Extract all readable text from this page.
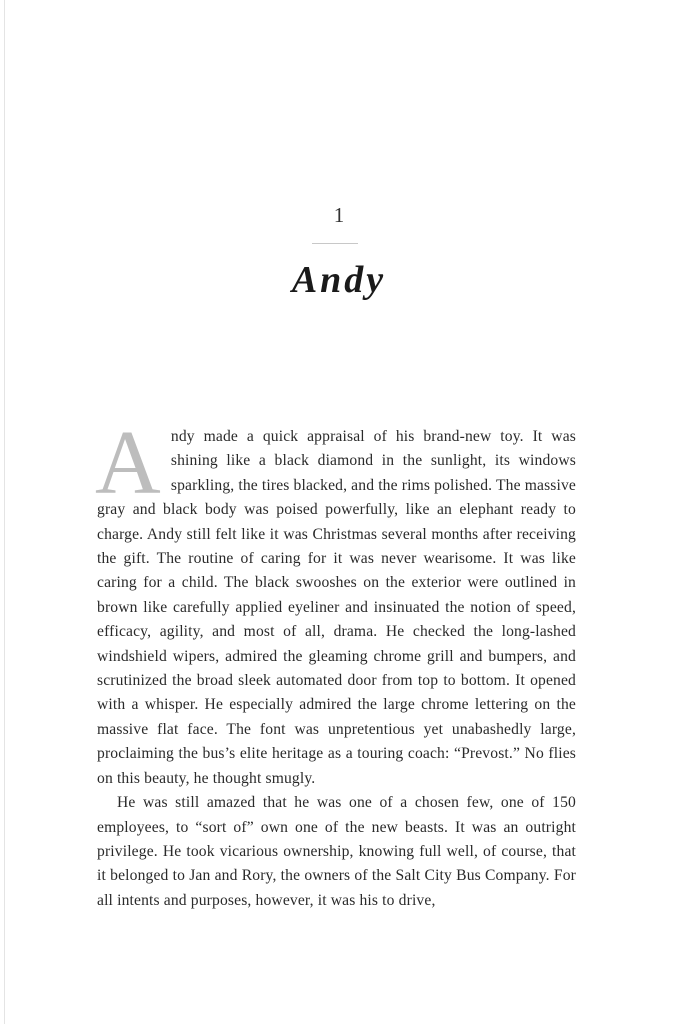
1
Andy

Andy made a quick appraisal of his brand-new toy. It was shining like a black diamond in the sunlight, its windows sparkling, the tires blacked, and the rims polished. The massive gray and black body was poised powerfully, like an elephant ready to charge. Andy still felt like it was Christmas several months after receiving the gift. The routine of caring for it was never wearisome. It was like caring for a child. The black swooshes on the exterior were outlined in brown like carefully applied eyeliner and insinuated the notion of speed, efficacy, agility, and most of all, drama. He checked the long-lashed windshield wipers, admired the gleaming chrome grill and bumpers, and scrutinized the broad sleek automated door from top to bottom. It opened with a whisper. He especially admired the large chrome lettering on the massive flat face. The font was unpretentious yet unabashedly large, proclaiming the bus’s elite heritage as a touring coach: “Prevost.” No flies on this beauty, he thought smugly.

He was still amazed that he was one of a chosen few, one of 150 employees, to “sort of” own one of the new beasts. It was an outright privilege. He took vicarious ownership, knowing full well, of course, that it belonged to Jan and Rory, the owners of the Salt City Bus Company. For all intents and purposes, however, it was his to drive,
